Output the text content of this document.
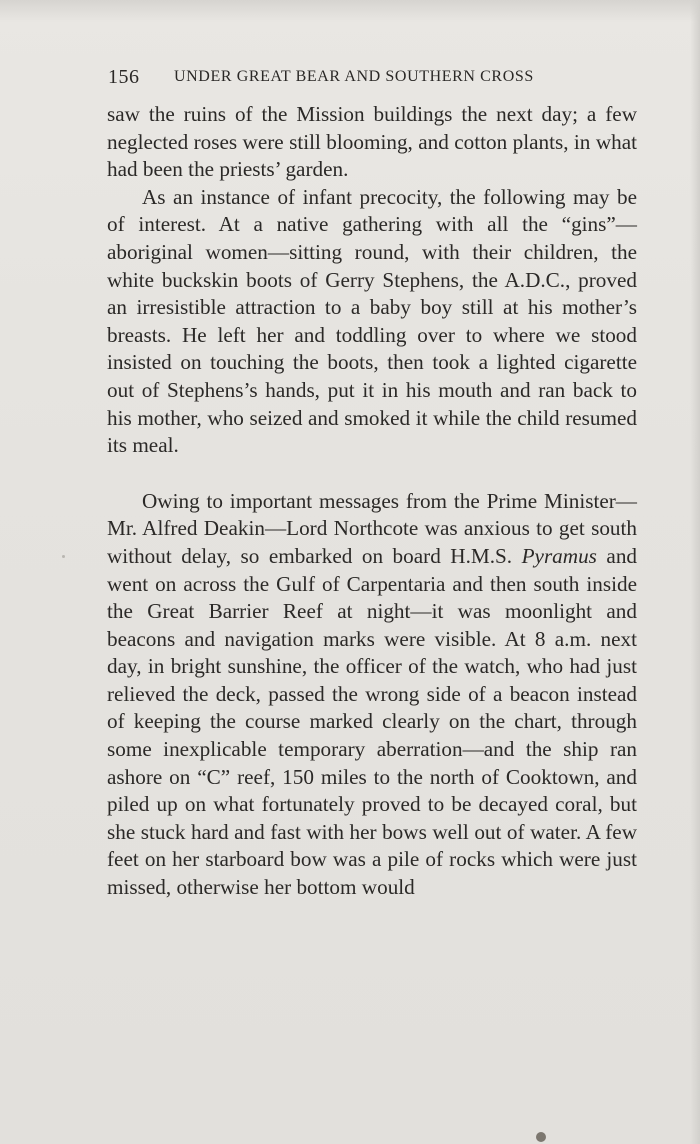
156 UNDER GREAT BEAR AND SOUTHERN CROSS

saw the ruins of the Mission buildings the next day; a few neglected roses were still blooming, and cotton plants, in what had been the priests’ garden.

As an instance of infant precocity, the following may be of interest. At a native gathering with all the “gins”—aboriginal women—sitting round, with their children, the white buckskin boots of Gerry Stephens, the A.D.C., proved an irresistible attraction to a baby boy still at his mother’s breasts. He left her and toddling over to where we stood insisted on touching the boots, then took a lighted cigarette out of Stephens’s hands, put it in his mouth and ran back to his mother, who seized and smoked it while the child resumed its meal.

Owing to important messages from the Prime Minister—Mr. Alfred Deakin—Lord Northcote was anxious to get south without delay, so embarked on board H.M.S. Pyramus and went on across the Gulf of Carpentaria and then south inside the Great Barrier Reef at night—it was moonlight and beacons and navigation marks were visible. At 8 a.m. next day, in bright sunshine, the officer of the watch, who had just relieved the deck, passed the wrong side of a beacon instead of keeping the course marked clearly on the chart, through some inexplicable temporary aberration—and the ship ran ashore on “C” reef, 150 miles to the north of Cooktown, and piled up on what fortunately proved to be decayed coral, but she stuck hard and fast with her bows well out of water. A few feet on her starboard bow was a pile of rocks which were just missed, otherwise her bottom would
